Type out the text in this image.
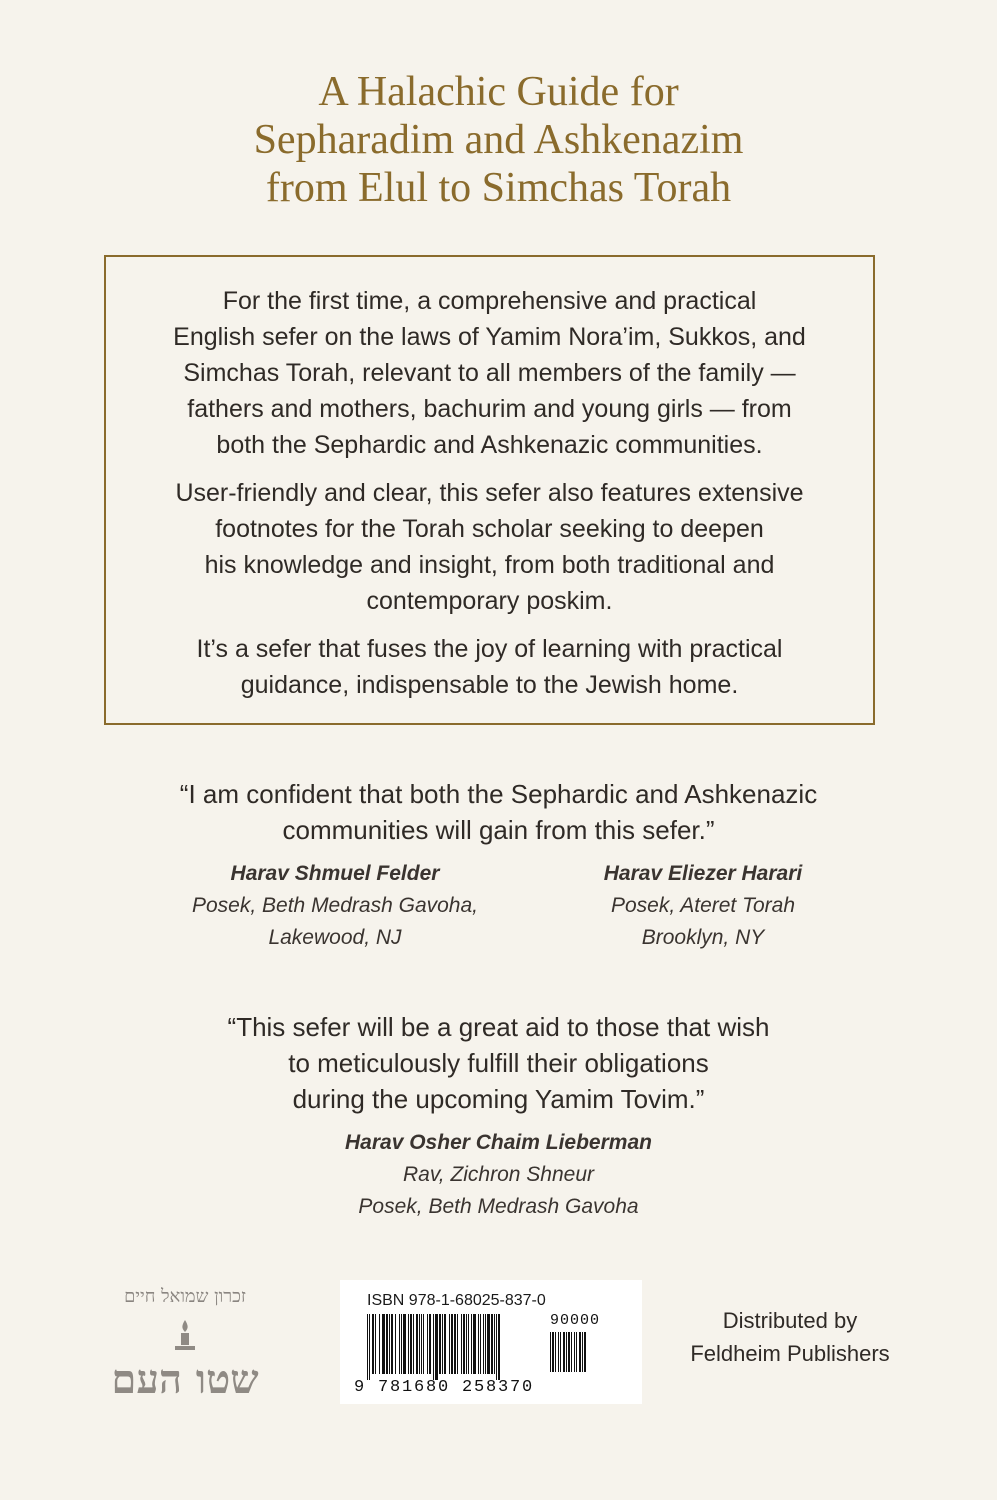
A Halachic Guide for
Sepharadim and Ashkenazim
from Elul to Simchas Torah
For the first time, a comprehensive and practical
English sefer on the laws of Yamim Nora’im, Sukkos, and
Simchas Torah, relevant to all members of the family —
fathers and mothers, bachurim and young girls — from
both the Sephardic and Ashkenazic communities.
User-friendly and clear, this sefer also features extensive
footnotes for the Torah scholar seeking to deepen
his knowledge and insight, from both traditional and
contemporary poskim.
It’s a sefer that fuses the joy of learning with practical
guidance, indispensable to the Jewish home.
“I am confident that both the Sephardic and Ashkenazic
communities will gain from this sefer.”
Harav Shmuel Felder
Posek, Beth Medrash Gavoha,
Lakewood, NJ
Harav Eliezer Harari
Posek, Ateret Torah
Brooklyn, NY
“This sefer will be a great aid to those that wish
to meticulously fulfill their obligations
during the upcoming Yamim Tovim.”
Harav Osher Chaim Lieberman
Rav, Zichron Shneur
Posek, Beth Medrash Gavoha
זכרון שמואל חיים
שטו העם
ISBN 978-1-68025-837-0
90000
9 781680 258370
Distributed by
Feldheim Publishers
